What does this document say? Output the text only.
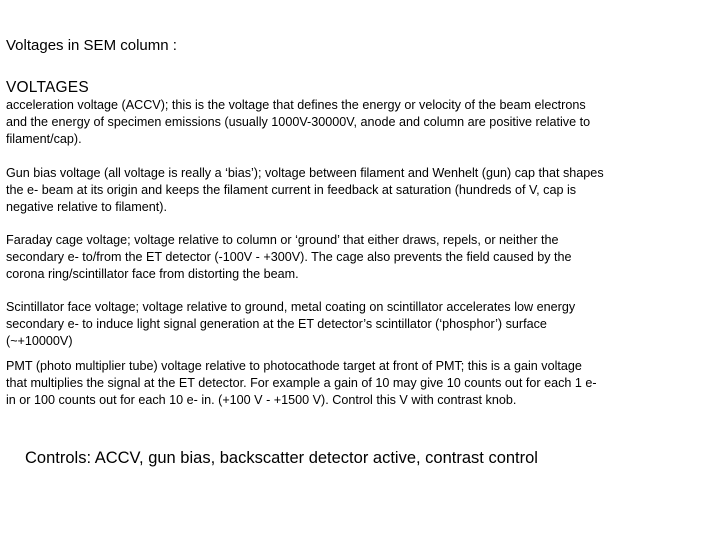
Voltages in SEM column :
VOLTAGES
acceleration voltage (ACCV); this is the voltage that defines the energy or velocity of the beam electrons
and the energy of specimen emissions (usually 1000V-30000V, anode and column are positive relative to
filament/cap).
Gun bias voltage (all voltage is really a ‘bias’); voltage between filament and Wenhelt (gun) cap that shapes
the e- beam at its origin and keeps the filament current in feedback at saturation (hundreds of V, cap is
negative relative to filament).
Faraday cage voltage; voltage relative to column or ‘ground’ that either draws, repels, or neither the
secondary e- to/from the ET detector (-100V - +300V). The cage also prevents the field caused by the
corona ring/scintillator face from distorting the beam.
Scintillator face voltage; voltage relative to ground, metal coating on scintillator accelerates low energy
secondary e- to induce light signal generation at the ET detector’s scintillator (‘phosphor’) surface
(~+10000V)
PMT (photo multiplier tube) voltage relative to photocathode target at front of PMT; this is a gain voltage
that multiplies the signal at the ET detector. For example a gain of 10 may give 10 counts out for each 1 e-
in or 100 counts out for each 10 e- in. (+100 V - +1500 V). Control this V with contrast knob.
Controls: ACCV, gun bias, backscatter detector active, contrast control
